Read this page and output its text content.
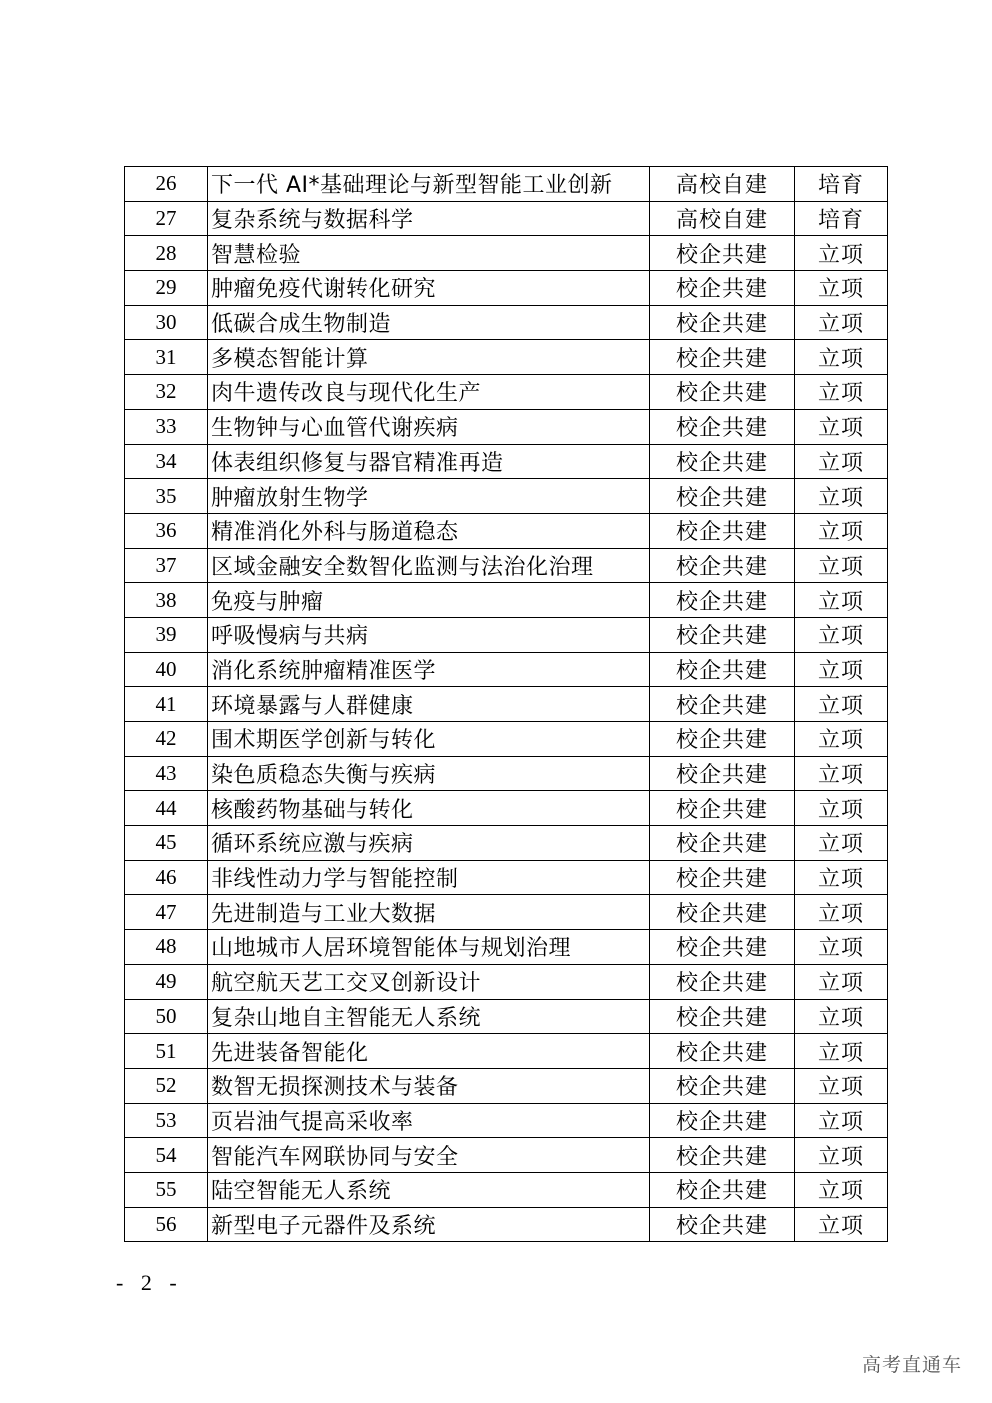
26	下一代 AI*基础理论与新型智能工业创新	高校自建	培育
27	复杂系统与数据科学	高校自建	培育
28	智慧检验	校企共建	立项
29	肿瘤免疫代谢转化研究	校企共建	立项
30	低碳合成生物制造	校企共建	立项
31	多模态智能计算	校企共建	立项
32	肉牛遗传改良与现代化生产	校企共建	立项
33	生物钟与心血管代谢疾病	校企共建	立项
34	体表组织修复与器官精准再造	校企共建	立项
35	肿瘤放射生物学	校企共建	立项
36	精准消化外科与肠道稳态	校企共建	立项
37	区域金融安全数智化监测与法治化治理	校企共建	立项
38	免疫与肿瘤	校企共建	立项
39	呼吸慢病与共病	校企共建	立项
40	消化系统肿瘤精准医学	校企共建	立项
41	环境暴露与人群健康	校企共建	立项
42	围术期医学创新与转化	校企共建	立项
43	染色质稳态失衡与疾病	校企共建	立项
44	核酸药物基础与转化	校企共建	立项
45	循环系统应激与疾病	校企共建	立项
46	非线性动力学与智能控制	校企共建	立项
47	先进制造与工业大数据	校企共建	立项
48	山地城市人居环境智能体与规划治理	校企共建	立项
49	航空航天艺工交叉创新设计	校企共建	立项
50	复杂山地自主智能无人系统	校企共建	立项
51	先进装备智能化	校企共建	立项
52	数智无损探测技术与装备	校企共建	立项
53	页岩油气提高采收率	校企共建	立项
54	智能汽车网联协同与安全	校企共建	立项
55	陆空智能无人系统	校企共建	立项
56	新型电子元器件及系统	校企共建	立项
- 2 -
高考直通车
